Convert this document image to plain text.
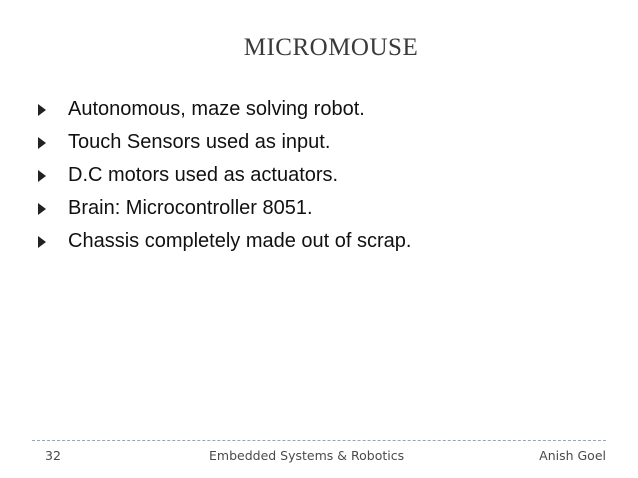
MICROMOUSE
Autonomous, maze solving robot.
Touch Sensors used as input.
D.C motors used as actuators.
Brain: Microcontroller 8051.
Chassis completely made out of scrap.
32	Embedded Systems & Robotics	Anish Goel
